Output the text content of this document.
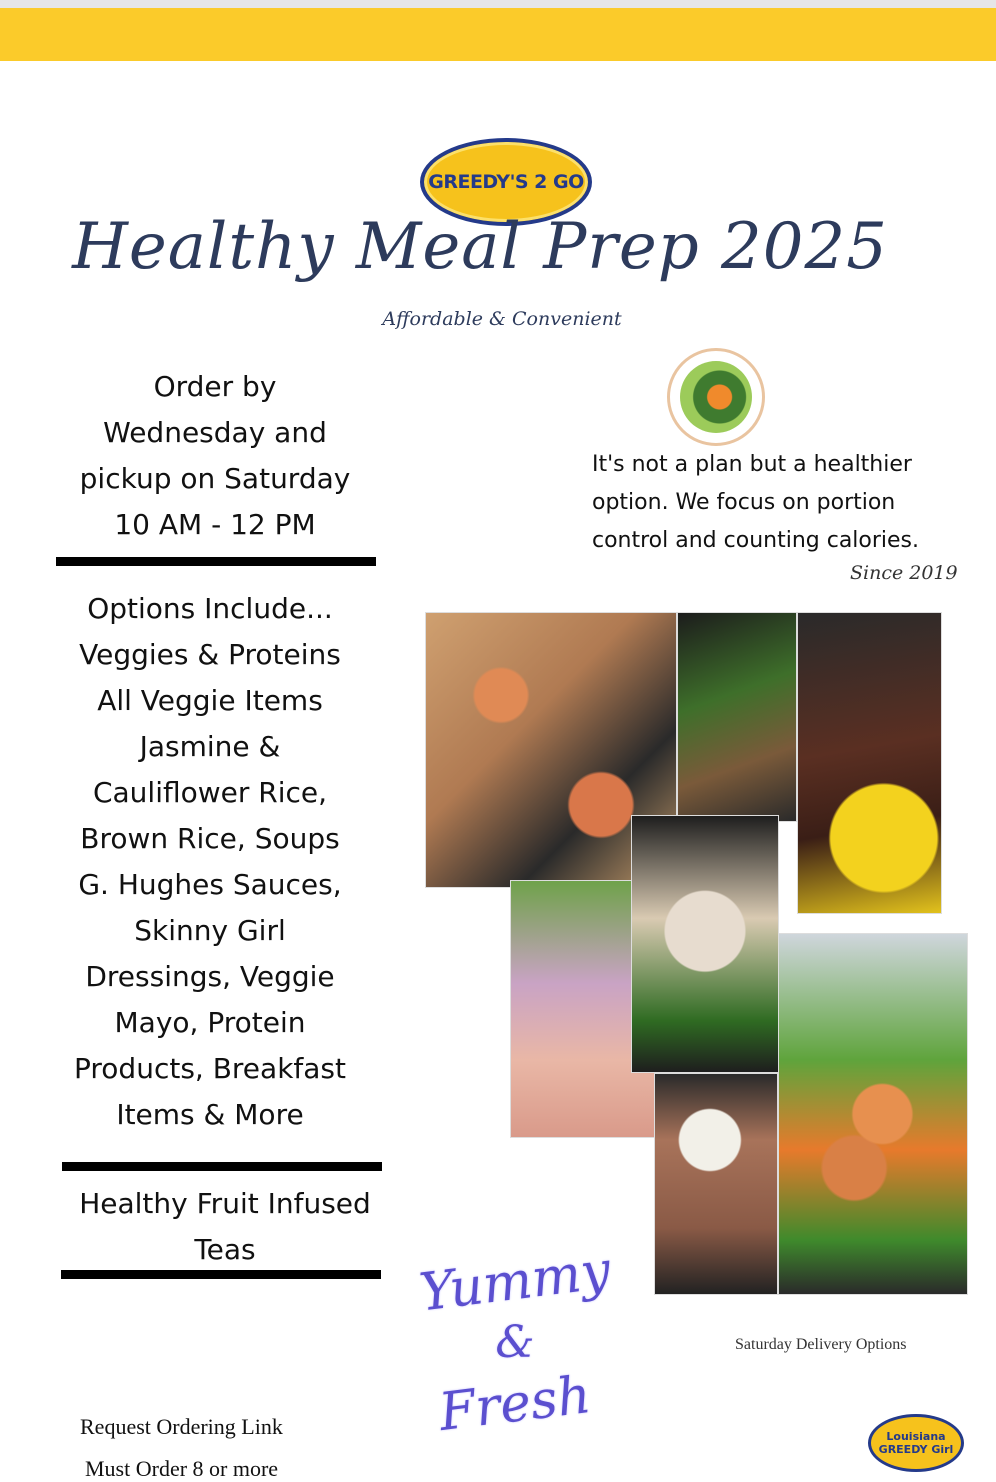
GREEDY'S 2 GO
Healthy Meal Prep 2025
Affordable & Convenient
Order by
Wednesday and
pickup on Saturday
10 AM - 12 PM
Options Include...
Veggies & Proteins
All Veggie Items
Jasmine &
Cauliflower Rice,
Brown Rice, Soups
G. Hughes Sauces,
Skinny Girl
Dressings, Veggie
Mayo, Protein
Products, Breakfast
Items & More
Healthy Fruit Infused
Teas
It's not a plan but a healthier option. We focus on portion control and counting calories.
Since 2019
Yummy
&
Fresh
Saturday Delivery Options
Request Ordering Link
Must Order 8 or more
Louisiana GREEDY Girl
